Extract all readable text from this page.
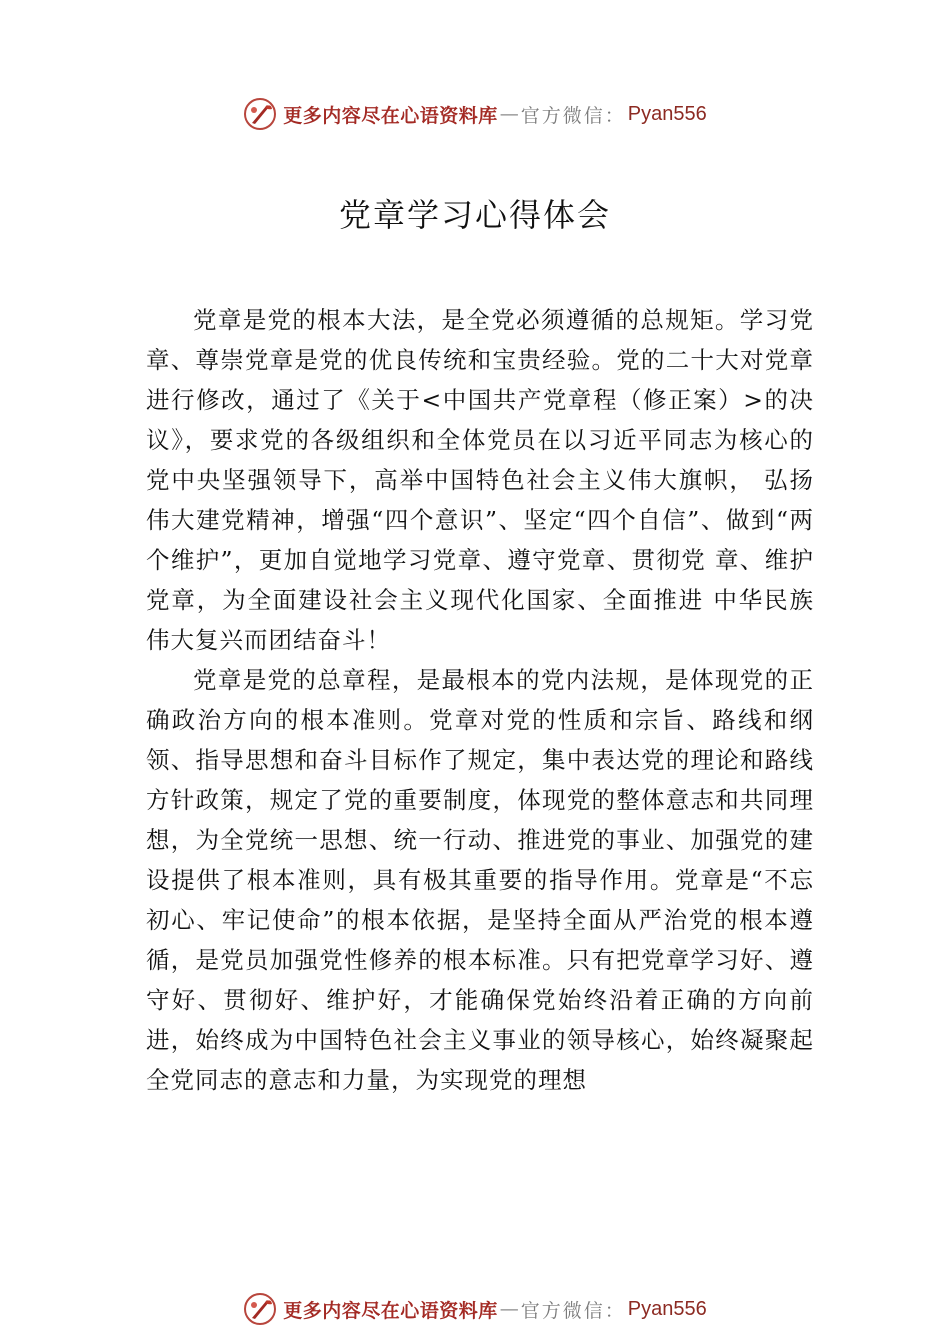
更多内容尽在心语资料库 — 官方微信： Pyan556
党章学习心得体会

党章是党的根本大法，是全党必须遵循的总规矩。学习党章、尊崇党章是党的优良传统和宝贵经验。党的二十大对党章进行修改，通过了《关于<中国共产党章程（修正案）>的决议》，要求党的各级组织和全体党员在以习近平同志为核心的党中央坚强领导下，高举中国特色社会主义伟大旗帜， 弘扬伟大建党精神，增强“四个意识”、坚定“四个自信”、做到“两个维护”，更加自觉地学习党章、遵守党章、贯彻党 章、维护党章，为全面建设社会主义现代化国家、全面推进 中华民族伟大复兴而团结奋斗！

党章是党的总章程，是最根本的党内法规，是体现党的正确政治方向的根本准则。党章对党的性质和宗旨、路线和纲领、指导思想和奋斗目标作了规定，集中表达党的理论和路线方针政策，规定了党的重要制度，体现党的整体意志和共同理想，为全党统一思想、统一行动、推进党的事业、加强党的建设提供了根本准则，具有极其重要的指导作用。党章是“不忘初心、牢记使命”的根本依据，是坚持全面从严治党的根本遵循，是党员加强党性修养的根本标准。只有把党章学习好、遵守好、贯彻好、维护好，才能确保党始终沿着正确的方向前进，始终成为中国特色社会主义事业的领导核心，始终凝聚起全党同志的意志和力量，为实现党的理想

更多内容尽在心语资料库 — 官方微信： Pyan556
